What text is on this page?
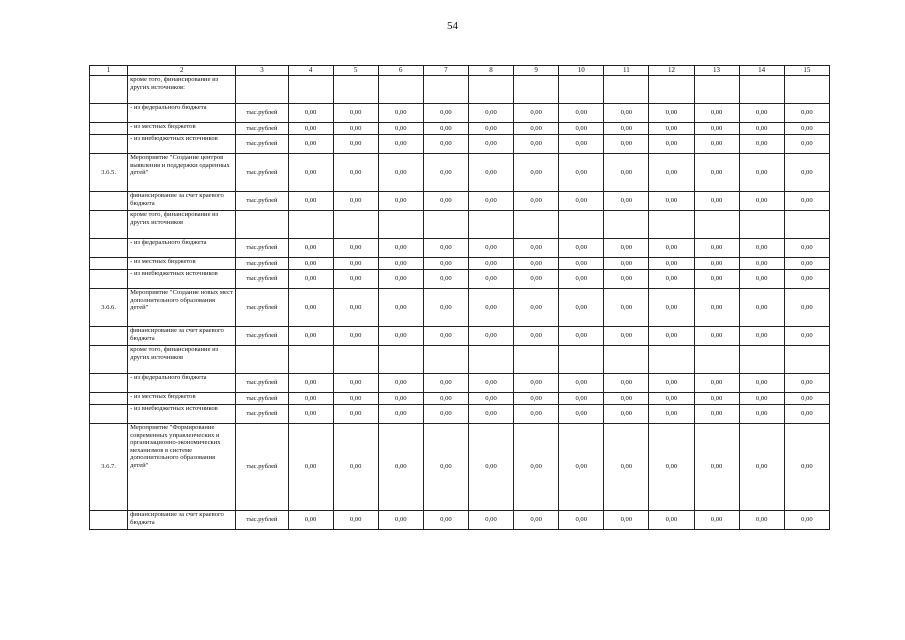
54
1	2	3	4	5	6	7	8	9	10	11	12	13	14	15
	кроме того, финансирование из других источников:													
	- из федерального бюджета	тыс.рублей	0,00	0,00	0,00	0,00	0,00	0,00	0,00	0,00	0,00	0,00	0,00	0,00
	- из местных бюджетов	тыс.рублей	0,00	0,00	0,00	0,00	0,00	0,00	0,00	0,00	0,00	0,00	0,00	0,00
	- из внебюджетных источников	тыс.рублей	0,00	0,00	0,00	0,00	0,00	0,00	0,00	0,00	0,00	0,00	0,00	0,00
3.6.5.	Мероприятие "Создание центров выявления и поддержки одаренных детей"	тыс.рублей	0,00	0,00	0,00	0,00	0,00	0,00	0,00	0,00	0,00	0,00	0,00	0,00
	финансирование за счет краевого бюджета	тыс.рублей	0,00	0,00	0,00	0,00	0,00	0,00	0,00	0,00	0,00	0,00	0,00	0,00
	кроме того, финансирование из других источников													
	- из федерального бюджета	тыс.рублей	0,00	0,00	0,00	0,00	0,00	0,00	0,00	0,00	0,00	0,00	0,00	0,00
	- из местных бюджетов	тыс.рублей	0,00	0,00	0,00	0,00	0,00	0,00	0,00	0,00	0,00	0,00	0,00	0,00
	- из внебюджетных источников	тыс.рублей	0,00	0,00	0,00	0,00	0,00	0,00	0,00	0,00	0,00	0,00	0,00	0,00
3.6.6.	Мероприятие "Создание новых мест дополнительного образования детей"	тыс.рублей	0,00	0,00	0,00	0,00	0,00	0,00	0,00	0,00	0,00	0,00	0,00	0,00
	финансирование за счет краевого бюджета	тыс.рублей	0,00	0,00	0,00	0,00	0,00	0,00	0,00	0,00	0,00	0,00	0,00	0,00
	кроме того, финансирование из других источников													
	- из федерального бюджета	тыс.рублей	0,00	0,00	0,00	0,00	0,00	0,00	0,00	0,00	0,00	0,00	0,00	0,00
	- из местных бюджетов	тыс.рублей	0,00	0,00	0,00	0,00	0,00	0,00	0,00	0,00	0,00	0,00	0,00	0,00
	- из внебюджетных источников	тыс.рублей	0,00	0,00	0,00	0,00	0,00	0,00	0,00	0,00	0,00	0,00	0,00	0,00
3.6.7.	Мероприятие "Формирование современных управленческих и организационно-экономических механизмов в системе дополнительного образования детей"	тыс.рублей	0,00	0,00	0,00	0,00	0,00	0,00	0,00	0,00	0,00	0,00	0,00	0,00
	финансирование за счет краевого бюджета	тыс.рублей	0,00	0,00	0,00	0,00	0,00	0,00	0,00	0,00	0,00	0,00	0,00	0,00
